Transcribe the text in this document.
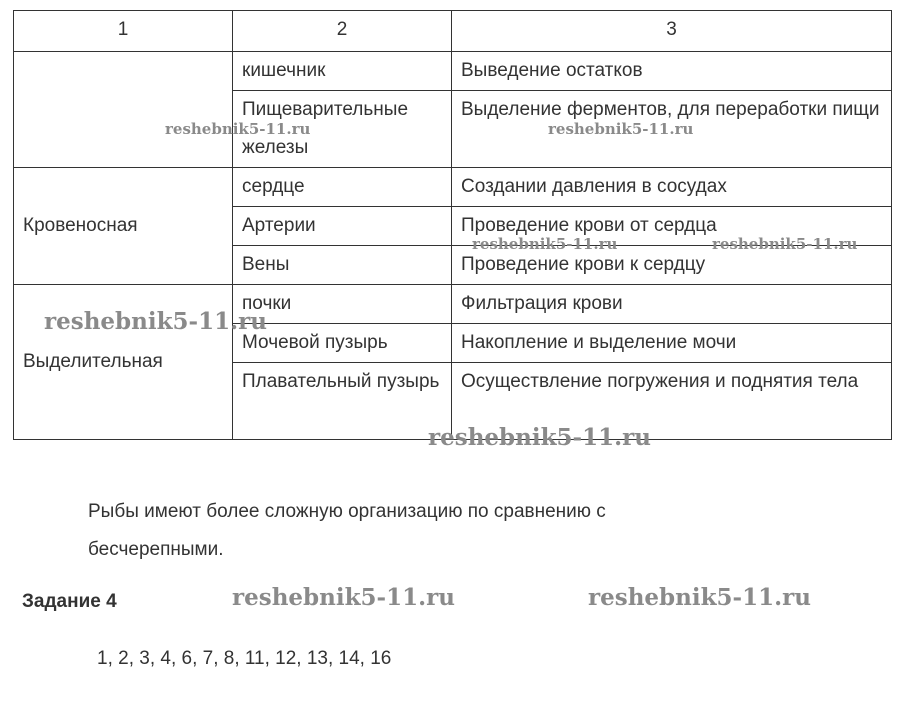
1	2	3
	кишечник	Выведение остатков
	Пищеварительные железы	Выделение ферментов, для переработки пищи
Кровеносная	сердце	Создании давления в сосудах
	Артерии	Проведение крови от сердца
	Вены	Проведение крови к сердцу
Выделительная	почки	Фильтрация крови
	Мочевой пузырь	Накопление и выделение мочи
	Плавательный пузырь	Осуществление погружения и поднятия тела

Рыбы имеют более сложную организацию по сравнению с бесчерепными.

Задание 4

1, 2, 3, 4, 6, 7, 8, 11, 12, 13, 14, 16

reshebnik5-11.ru	reshebnik5-11.ru
reshebnik5-11.ru	reshebnik5-11.ru
reshebnik5-11.ru
reshebnik5-11.ru
reshebnik5-11.ru	reshebnik5-11.ru
